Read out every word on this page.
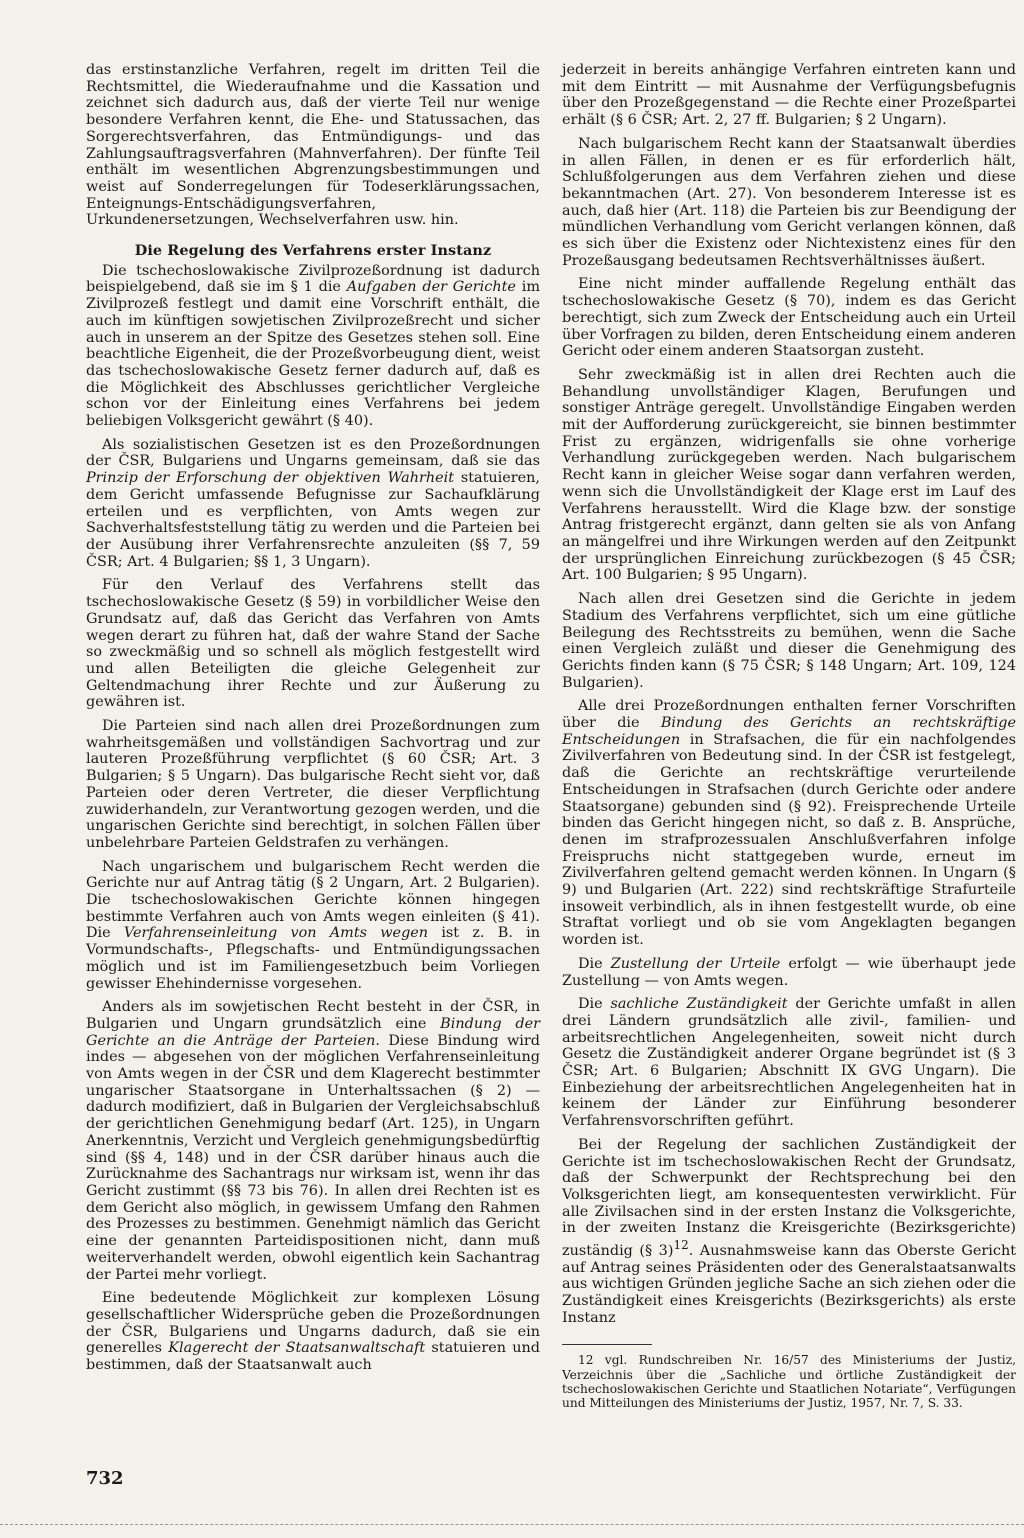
das erstinstanzliche Verfahren, regelt im dritten Teil die Rechtsmittel, die Wiederaufnahme und die Kassation und zeichnet sich dadurch aus, daß der vierte Teil nur wenige besondere Verfahren kennt, die Ehe- und Statussachen, das Sorgerechtsverfahren, das Entmündigungs- und das Zahlungsauftragsverfahren (Mahnverfahren). Der fünfte Teil enthält im wesentlichen Abgrenzungsbestimmungen und weist auf Sonderregelungen für Todeserklärungssachen, Enteignungs-Entschädigungsverfahren, Urkundenersetzungen, Wechselverfahren usw. hin.

Die Regelung des Verfahrens erster Instanz

Die tschechoslowakische Zivilprozeßordnung ist dadurch beispielgebend, daß sie im § 1 die Aufgaben der Gerichte im Zivilprozeß festlegt und damit eine Vorschrift enthält, die auch im künftigen sowjetischen Zivilprozeßrecht und sicher auch in unserem an der Spitze des Gesetzes stehen soll. Eine beachtliche Eigenheit, die der Prozeßvorbeugung dient, weist das tschechoslowakische Gesetz ferner dadurch auf, daß es die Möglichkeit des Abschlusses gerichtlicher Vergleiche schon vor der Einleitung eines Verfahrens bei jedem beliebigen Volksgericht gewährt (§ 40).

Als sozialistischen Gesetzen ist es den Prozeßordnungen der ČSR, Bulgariens und Ungarns gemeinsam, daß sie das Prinzip der Erforschung der objektiven Wahrheit statuieren, dem Gericht umfassende Befugnisse zur Sachaufklärung erteilen und es verpflichten, von Amts wegen zur Sachverhaltsfeststellung tätig zu werden und die Parteien bei der Ausübung ihrer Verfahrensrechte anzuleiten (§§ 7, 59 ČSR; Art. 4 Bulgarien; §§ 1, 3 Ungarn).

Für den Verlauf des Verfahrens stellt das tschechoslowakische Gesetz (§ 59) in vorbildlicher Weise den Grundsatz auf, daß das Gericht das Verfahren von Amts wegen derart zu führen hat, daß der wahre Stand der Sache so zweckmäßig und so schnell als möglich festgestellt wird und allen Beteiligten die gleiche Gelegenheit zur Geltendmachung ihrer Rechte und zur Äußerung zu gewähren ist.

Die Parteien sind nach allen drei Prozeßordnungen zum wahrheitsgemäßen und vollständigen Sachvortrag und zur lauteren Prozeßführung verpflichtet (§ 60 ČSR; Art. 3 Bulgarien; § 5 Ungarn). Das bulgarische Recht sieht vor, daß Parteien oder deren Vertreter, die dieser Verpflichtung zuwiderhandeln, zur Verantwortung gezogen werden, und die ungarischen Gerichte sind berechtigt, in solchen Fällen über unbelehrbare Parteien Geldstrafen zu verhängen.

Nach ungarischem und bulgarischem Recht werden die Gerichte nur auf Antrag tätig (§ 2 Ungarn, Art. 2 Bulgarien). Die tschechoslowakischen Gerichte können hingegen bestimmte Verfahren auch von Amts wegen einleiten (§ 41). Die Verfahrenseinleitung von Amts wegen ist z. B. in Vormundschafts-, Pflegschafts- und Entmündigungssachen möglich und ist im Familiengesetzbuch beim Vorliegen gewisser Ehehindernisse vorgesehen.

Anders als im sowjetischen Recht besteht in der ČSR, in Bulgarien und Ungarn grundsätzlich eine Bindung der Gerichte an die Anträge der Parteien. Diese Bindung wird indes — abgesehen von der möglichen Verfahrenseinleitung von Amts wegen in der ČSR und dem Klagerecht bestimmter ungarischer Staatsorgane in Unterhaltssachen (§ 2) — dadurch modifiziert, daß in Bulgarien der Vergleichsabschluß der gerichtlichen Genehmigung bedarf (Art. 125), in Ungarn Anerkenntnis, Verzicht und Vergleich genehmigungsbedürftig sind (§§ 4, 148) und in der ČSR darüber hinaus auch die Zurücknahme des Sachantrags nur wirksam ist, wenn ihr das Gericht zustimmt (§§ 73 bis 76). In allen drei Rechten ist es dem Gericht also möglich, in gewissem Umfang den Rahmen des Prozesses zu bestimmen. Genehmigt nämlich das Gericht eine der genannten Parteidispositionen nicht, dann muß weiterverhandelt werden, obwohl eigentlich kein Sachantrag der Partei mehr vorliegt.

Eine bedeutende Möglichkeit zur komplexen Lösung gesellschaftlicher Widersprüche geben die Prozeßordnungen der ČSR, Bulgariens und Ungarns dadurch, daß sie ein generelles Klagerecht der Staatsanwaltschaft statuieren und bestimmen, daß der Staatsanwalt auch

jederzeit in bereits anhängige Verfahren eintreten kann und mit dem Eintritt — mit Ausnahme der Verfügungsbefugnis über den Prozeßgegenstand — die Rechte einer Prozeßpartei erhält (§ 6 ČSR; Art. 2, 27 ff. Bulgarien; § 2 Ungarn).

Nach bulgarischem Recht kann der Staatsanwalt überdies in allen Fällen, in denen er es für erforderlich hält, Schlußfolgerungen aus dem Verfahren ziehen und diese bekanntmachen (Art. 27). Von besonderem Interesse ist es auch, daß hier (Art. 118) die Parteien bis zur Beendigung der mündlichen Verhandlung vom Gericht verlangen können, daß es sich über die Existenz oder Nichtexistenz eines für den Prozeßausgang bedeutsamen Rechtsverhältnisses äußert.

Eine nicht minder auffallende Regelung enthält das tschechoslowakische Gesetz (§ 70), indem es das Gericht berechtigt, sich zum Zweck der Entscheidung auch ein Urteil über Vorfragen zu bilden, deren Entscheidung einem anderen Gericht oder einem anderen Staatsorgan zusteht.

Sehr zweckmäßig ist in allen drei Rechten auch die Behandlung unvollständiger Klagen, Berufungen und sonstiger Anträge geregelt. Unvollständige Eingaben werden mit der Aufforderung zurückgereicht, sie binnen bestimmter Frist zu ergänzen, widrigenfalls sie ohne vorherige Verhandlung zurückgegeben werden. Nach bulgarischem Recht kann in gleicher Weise sogar dann verfahren werden, wenn sich die Unvollständigkeit der Klage erst im Lauf des Verfahrens herausstellt. Wird die Klage bzw. der sonstige Antrag fristgerecht ergänzt, dann gelten sie als von Anfang an mängelfrei und ihre Wirkungen werden auf den Zeitpunkt der ursprünglichen Einreichung zurückbezogen (§ 45 ČSR; Art. 100 Bulgarien; § 95 Ungarn).

Nach allen drei Gesetzen sind die Gerichte in jedem Stadium des Verfahrens verpflichtet, sich um eine gütliche Beilegung des Rechtsstreits zu bemühen, wenn die Sache einen Vergleich zuläßt und dieser die Genehmigung des Gerichts finden kann (§ 75 ČSR; § 148 Ungarn; Art. 109, 124 Bulgarien).

Alle drei Prozeßordnungen enthalten ferner Vorschriften über die Bindung des Gerichts an rechtskräftige Entscheidungen in Strafsachen, die für ein nachfolgendes Zivilverfahren von Bedeutung sind. In der ČSR ist festgelegt, daß die Gerichte an rechtskräftige verurteilende Entscheidungen in Strafsachen (durch Gerichte oder andere Staatsorgane) gebunden sind (§ 92). Freisprechende Urteile binden das Gericht hingegen nicht, so daß z. B. Ansprüche, denen im strafprozessualen Anschlußverfahren infolge Freispruchs nicht stattgegeben wurde, erneut im Zivilverfahren geltend gemacht werden können. In Ungarn (§ 9) und Bulgarien (Art. 222) sind rechtskräftige Strafurteile insoweit verbindlich, als in ihnen festgestellt wurde, ob eine Straftat vorliegt und ob sie vom Angeklagten begangen worden ist.

Die Zustellung der Urteile erfolgt — wie überhaupt jede Zustellung — von Amts wegen.

Die sachliche Zuständigkeit der Gerichte umfaßt in allen drei Ländern grundsätzlich alle zivil-, familien- und arbeitsrechtlichen Angelegenheiten, soweit nicht durch Gesetz die Zuständigkeit anderer Organe begründet ist (§ 3 ČSR; Art. 6 Bulgarien; Abschnitt IX GVG Ungarn). Die Einbeziehung der arbeitsrechtlichen Angelegenheiten hat in keinem der Länder zur Einführung besonderer Verfahrensvorschriften geführt.

Bei der Regelung der sachlichen Zuständigkeit der Gerichte ist im tschechoslowakischen Recht der Grundsatz, daß der Schwerpunkt der Rechtsprechung bei den Volksgerichten liegt, am konsequentesten verwirklicht. Für alle Zivilsachen sind in der ersten Instanz die Volksgerichte, in der zweiten Instanz die Kreisgerichte (Bezirksgerichte) zuständig (§ 3)$^{12}$. Ausnahmsweise kann das Oberste Gericht auf Antrag seines Präsidenten oder des Generalstaatsanwalts aus wichtigen Gründen jegliche Sache an sich ziehen oder die Zuständigkeit eines Kreisgerichts (Bezirksgerichts) als erste Instanz

12 vgl. Rundschreiben Nr. 16/57 des Ministeriums der Justiz, Verzeichnis über die „Sachliche und örtliche Zuständigkeit der tschechoslowakischen Gerichte und Staatlichen Notariate“, Verfügungen und Mitteilungen des Ministeriums der Justiz, 1957, Nr. 7, S. 33.

732
